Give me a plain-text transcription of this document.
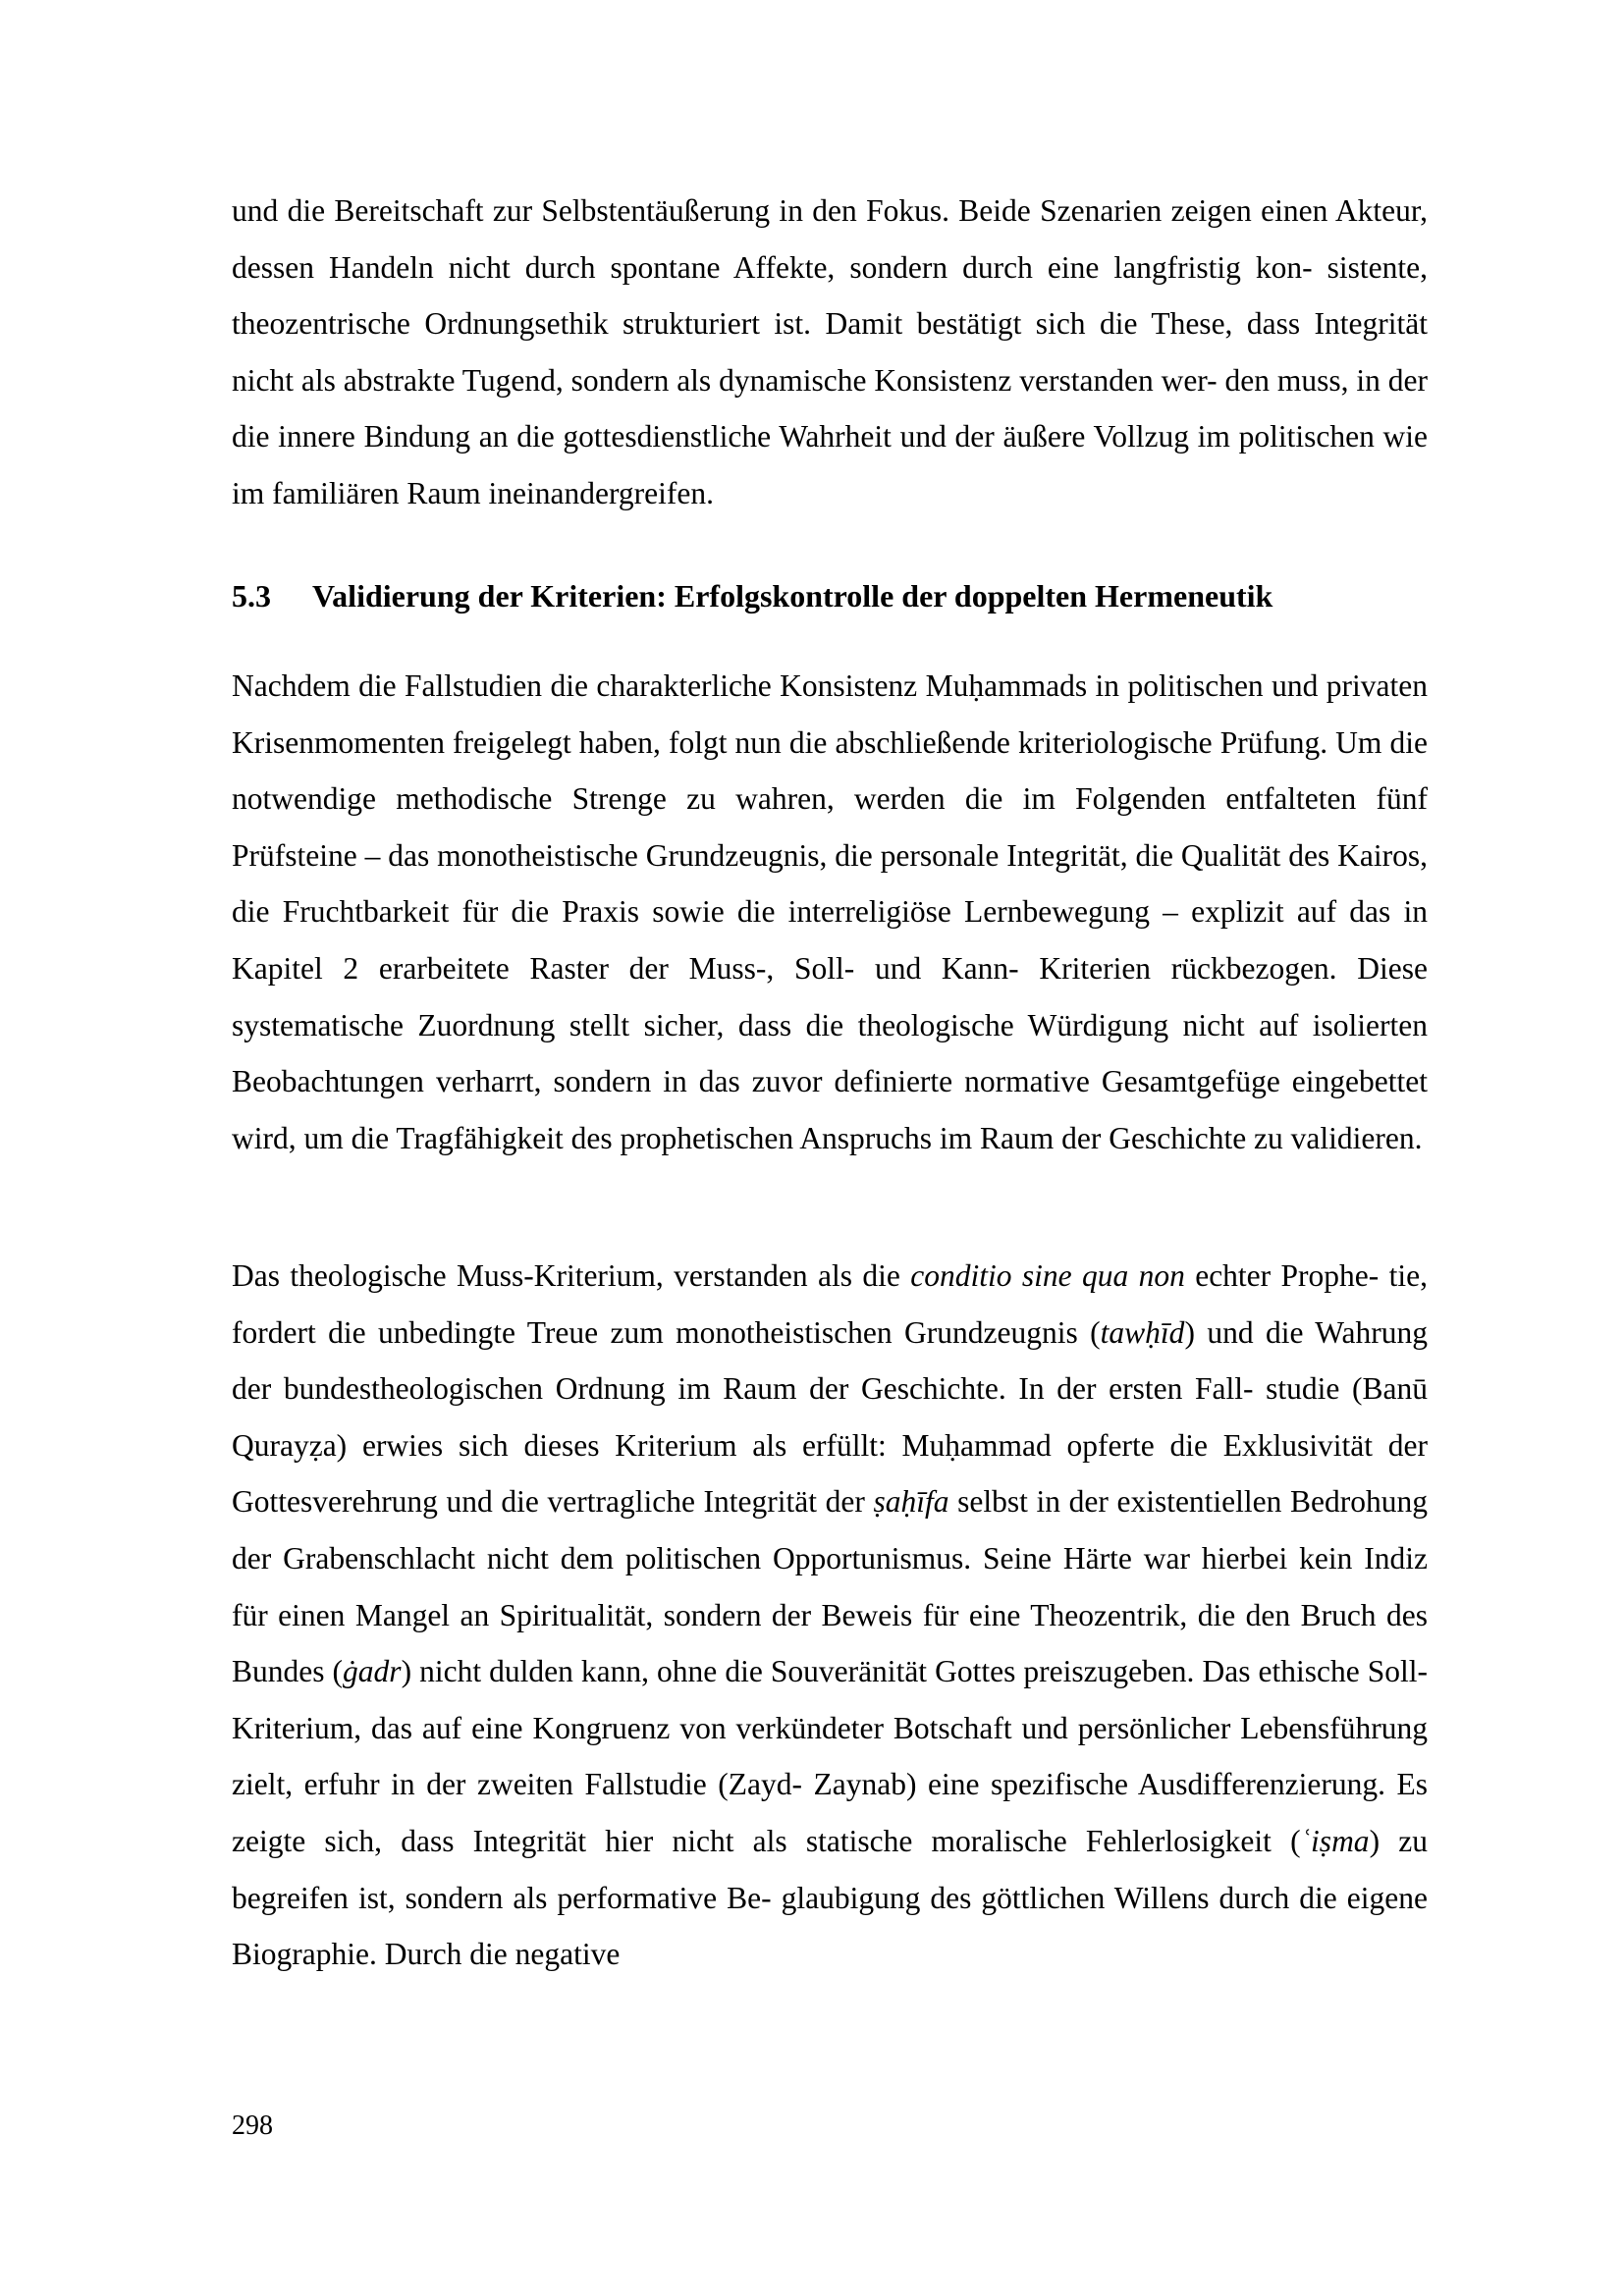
und die Bereitschaft zur Selbstentäußerung in den Fokus. Beide Szenarien zeigen einen Akteur, dessen Handeln nicht durch spontane Affekte, sondern durch eine langfristig kon- sistente, theozentrische Ordnungsethik strukturiert ist. Damit bestätigt sich die These, dass Integrität nicht als abstrakte Tugend, sondern als dynamische Konsistenz verstanden wer- den muss, in der die innere Bindung an die gottesdienstliche Wahrheit und der äußere Vollzug im politischen wie im familiären Raum ineinandergreifen.

5.3 Validierung der Kriterien: Erfolgskontrolle der doppelten Hermeneutik

Nachdem die Fallstudien die charakterliche Konsistenz Muḥammads in politischen und privaten Krisenmomenten freigelegt haben, folgt nun die abschließende kriteriologische Prüfung. Um die notwendige methodische Strenge zu wahren, werden die im Folgenden entfalteten fünf Prüfsteine – das monotheistische Grundzeugnis, die personale Integrität, die Qualität des Kairos, die Fruchtbarkeit für die Praxis sowie die interreligiöse Lernbewegung – explizit auf das in Kapitel 2 erarbeitete Raster der Muss-, Soll- und Kann- Kriterien rückbezogen. Diese systematische Zuordnung stellt sicher, dass die theologische Würdigung nicht auf isolierten Beobachtungen verharrt, sondern in das zuvor definierte normative Gesamtgefüge eingebettet wird, um die Tragfähigkeit des prophetischen Anspruchs im Raum der Geschichte zu validieren.

Das theologische Muss-Kriterium, verstanden als die conditio sine qua non echter Prophe- tie, fordert die unbedingte Treue zum monotheistischen Grundzeugnis (tawḥīd) und die Wahrung der bundestheologischen Ordnung im Raum der Geschichte. In der ersten Fall- studie (Banū Qurayẓa) erwies sich dieses Kriterium als erfüllt: Muḥammad opferte die Exklusivität der Gottesverehrung und die vertragliche Integrität der ṣaḥīfa selbst in der existentiellen Bedrohung der Grabenschlacht nicht dem politischen Opportunismus. Seine Härte war hierbei kein Indiz für einen Mangel an Spiritualität, sondern der Beweis für eine Theozentrik, die den Bruch des Bundes (ġadr) nicht dulden kann, ohne die Souveränität Gottes preiszugeben. Das ethische Soll-Kriterium, das auf eine Kongruenz von verkündeter Botschaft und persönlicher Lebensführung zielt, erfuhr in der zweiten Fallstudie (Zayd- Zaynab) eine spezifische Ausdifferenzierung. Es zeigte sich, dass Integrität hier nicht als statische moralische Fehlerlosigkeit (ʿiṣma) zu begreifen ist, sondern als performative Be- glaubigung des göttlichen Willens durch die eigene Biographie. Durch die negative

298
